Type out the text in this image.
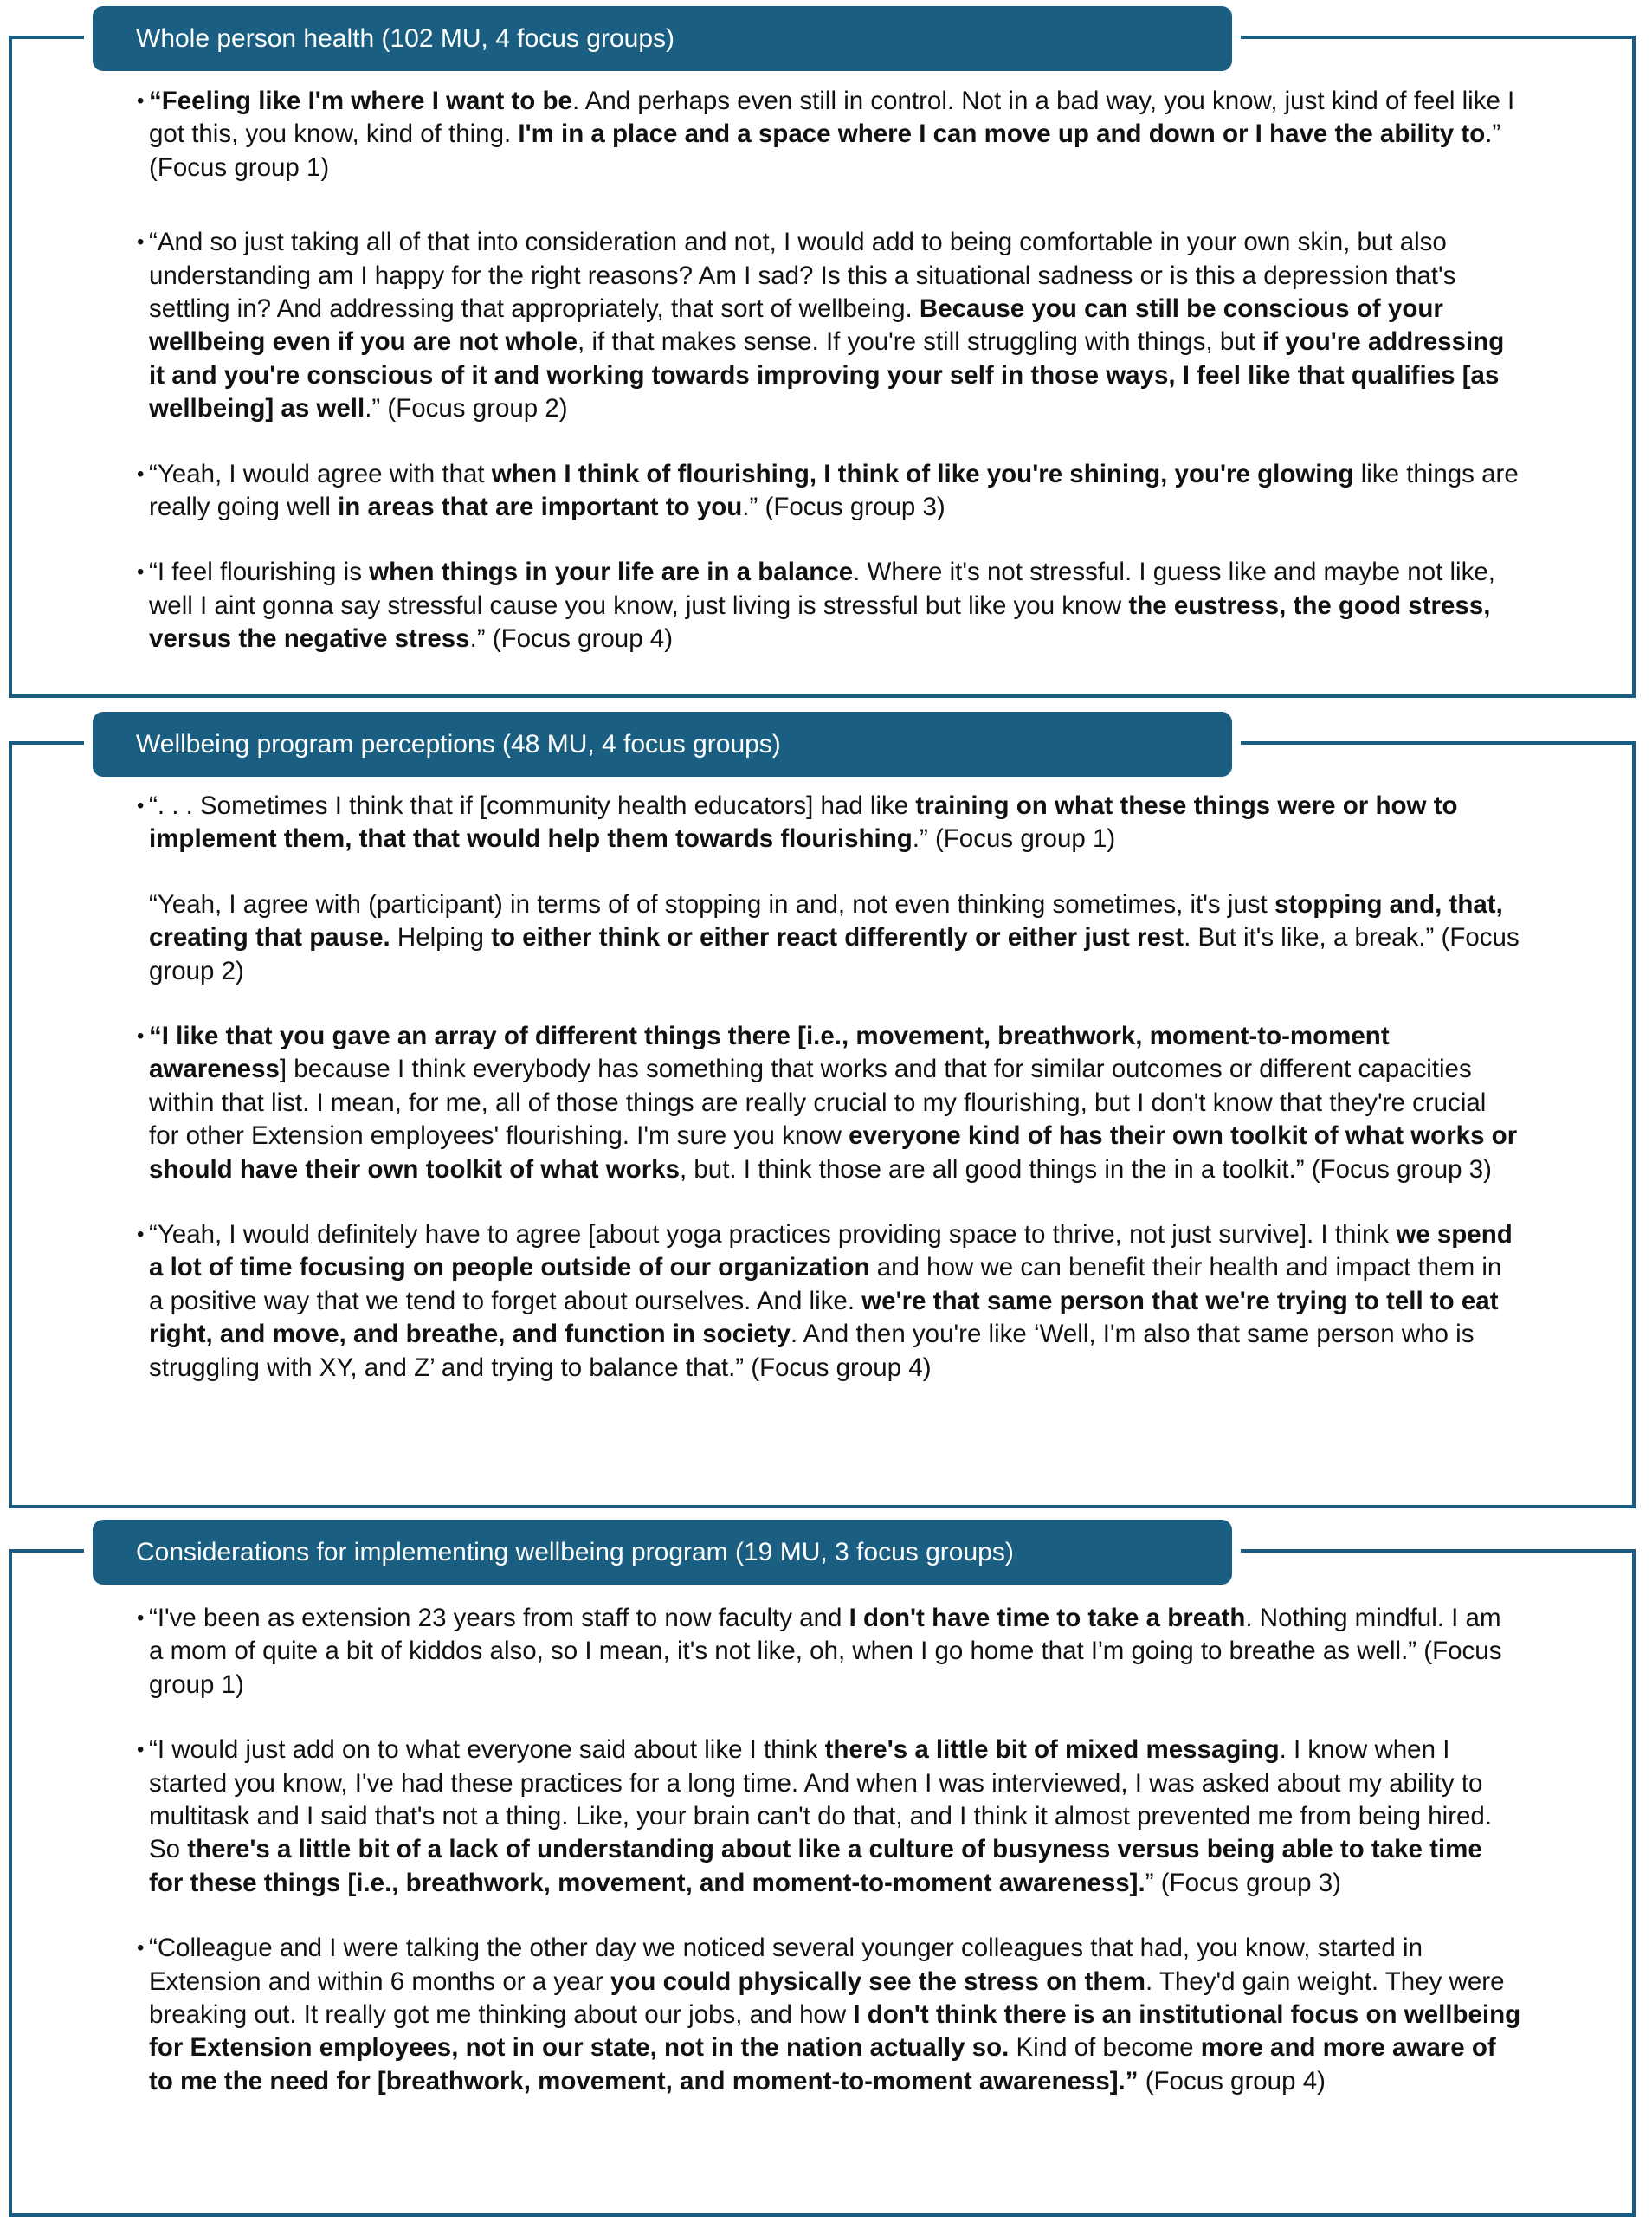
Whole person health (102 MU, 4 focus groups)

• “Feeling like I'm where I want to be. And perhaps even still in control. Not in a bad way, you know, just kind of feel like I got this, you know, kind of thing. I'm in a place and a space where I can move up and down or I have the ability to.” (Focus group 1)

• “And so just taking all of that into consideration and not, I would add to being comfortable in your own skin, but also understanding am I happy for the right reasons? Am I sad? Is this a situational sadness or is this a depression that's settling in? And addressing that appropriately, that sort of wellbeing. Because you can still be conscious of your wellbeing even if you are not whole, if that makes sense. If you're still struggling with things, but if you're addressing it and you're conscious of it and working towards improving your self in those ways, I feel like that qualifies [as wellbeing] as well.” (Focus group 2)

• “Yeah, I would agree with that when I think of flourishing, I think of like you're shining, you're glowing like things are really going well in areas that are important to you.” (Focus group 3)

• “I feel flourishing is when things in your life are in a balance. Where it's not stressful. I guess like and maybe not like, well I aint gonna say stressful cause you know, just living is stressful but like you know the eustress, the good stress, versus the negative stress.” (Focus group 4)

Wellbeing program perceptions (48 MU, 4 focus groups)

• “. . . Sometimes I think that if [community health educators] had like training on what these things were or how to implement them, that that would help them towards flourishing.” (Focus group 1)

“Yeah, I agree with (participant) in terms of of stopping in and, not even thinking sometimes, it's just stopping and, that, creating that pause. Helping to either think or either react differently or either just rest. But it's like, a break.” (Focus group 2)

• “I like that you gave an array of different things there [i.e., movement, breathwork, moment-to-moment awareness] because I think everybody has something that works and that for similar outcomes or different capacities within that list. I mean, for me, all of those things are really crucial to my flourishing, but I don't know that they're crucial for other Extension employees' flourishing. I'm sure you know everyone kind of has their own toolkit of what works or should have their own toolkit of what works, but. I think those are all good things in the in a toolkit.” (Focus group 3)

• “Yeah, I would definitely have to agree [about yoga practices providing space to thrive, not just survive]. I think we spend a lot of time focusing on people outside of our organization and how we can benefit their health and impact them in a positive way that we tend to forget about ourselves. And like. we're that same person that we're trying to tell to eat right, and move, and breathe, and function in society. And then you're like ‘Well, I'm also that same person who is struggling with XY, and Z’ and trying to balance that.” (Focus group 4)

Considerations for implementing wellbeing program (19 MU, 3 focus groups)

• “I've been as extension 23 years from staff to now faculty and I don't have time to take a breath. Nothing mindful. I am a mom of quite a bit of kiddos also, so I mean, it's not like, oh, when I go home that I'm going to breathe as well.” (Focus group 1)

• “I would just add on to what everyone said about like I think there's a little bit of mixed messaging. I know when I started you know, I've had these practices for a long time. And when I was interviewed, I was asked about my ability to multitask and I said that's not a thing. Like, your brain can't do that, and I think it almost prevented me from being hired. So there's a little bit of a lack of understanding about like a culture of busyness versus being able to take time for these things [i.e., breathwork, movement, and moment-to-moment awareness].” (Focus group 3)

• “Colleague and I were talking the other day we noticed several younger colleagues that had, you know, started in Extension and within 6 months or a year you could physically see the stress on them. They'd gain weight. They were breaking out. It really got me thinking about our jobs, and how I don't think there is an institutional focus on wellbeing for Extension employees, not in our state, not in the nation actually so. Kind of become more and more aware of to me the need for [breathwork, movement, and moment-to-moment awareness].” (Focus group 4)
